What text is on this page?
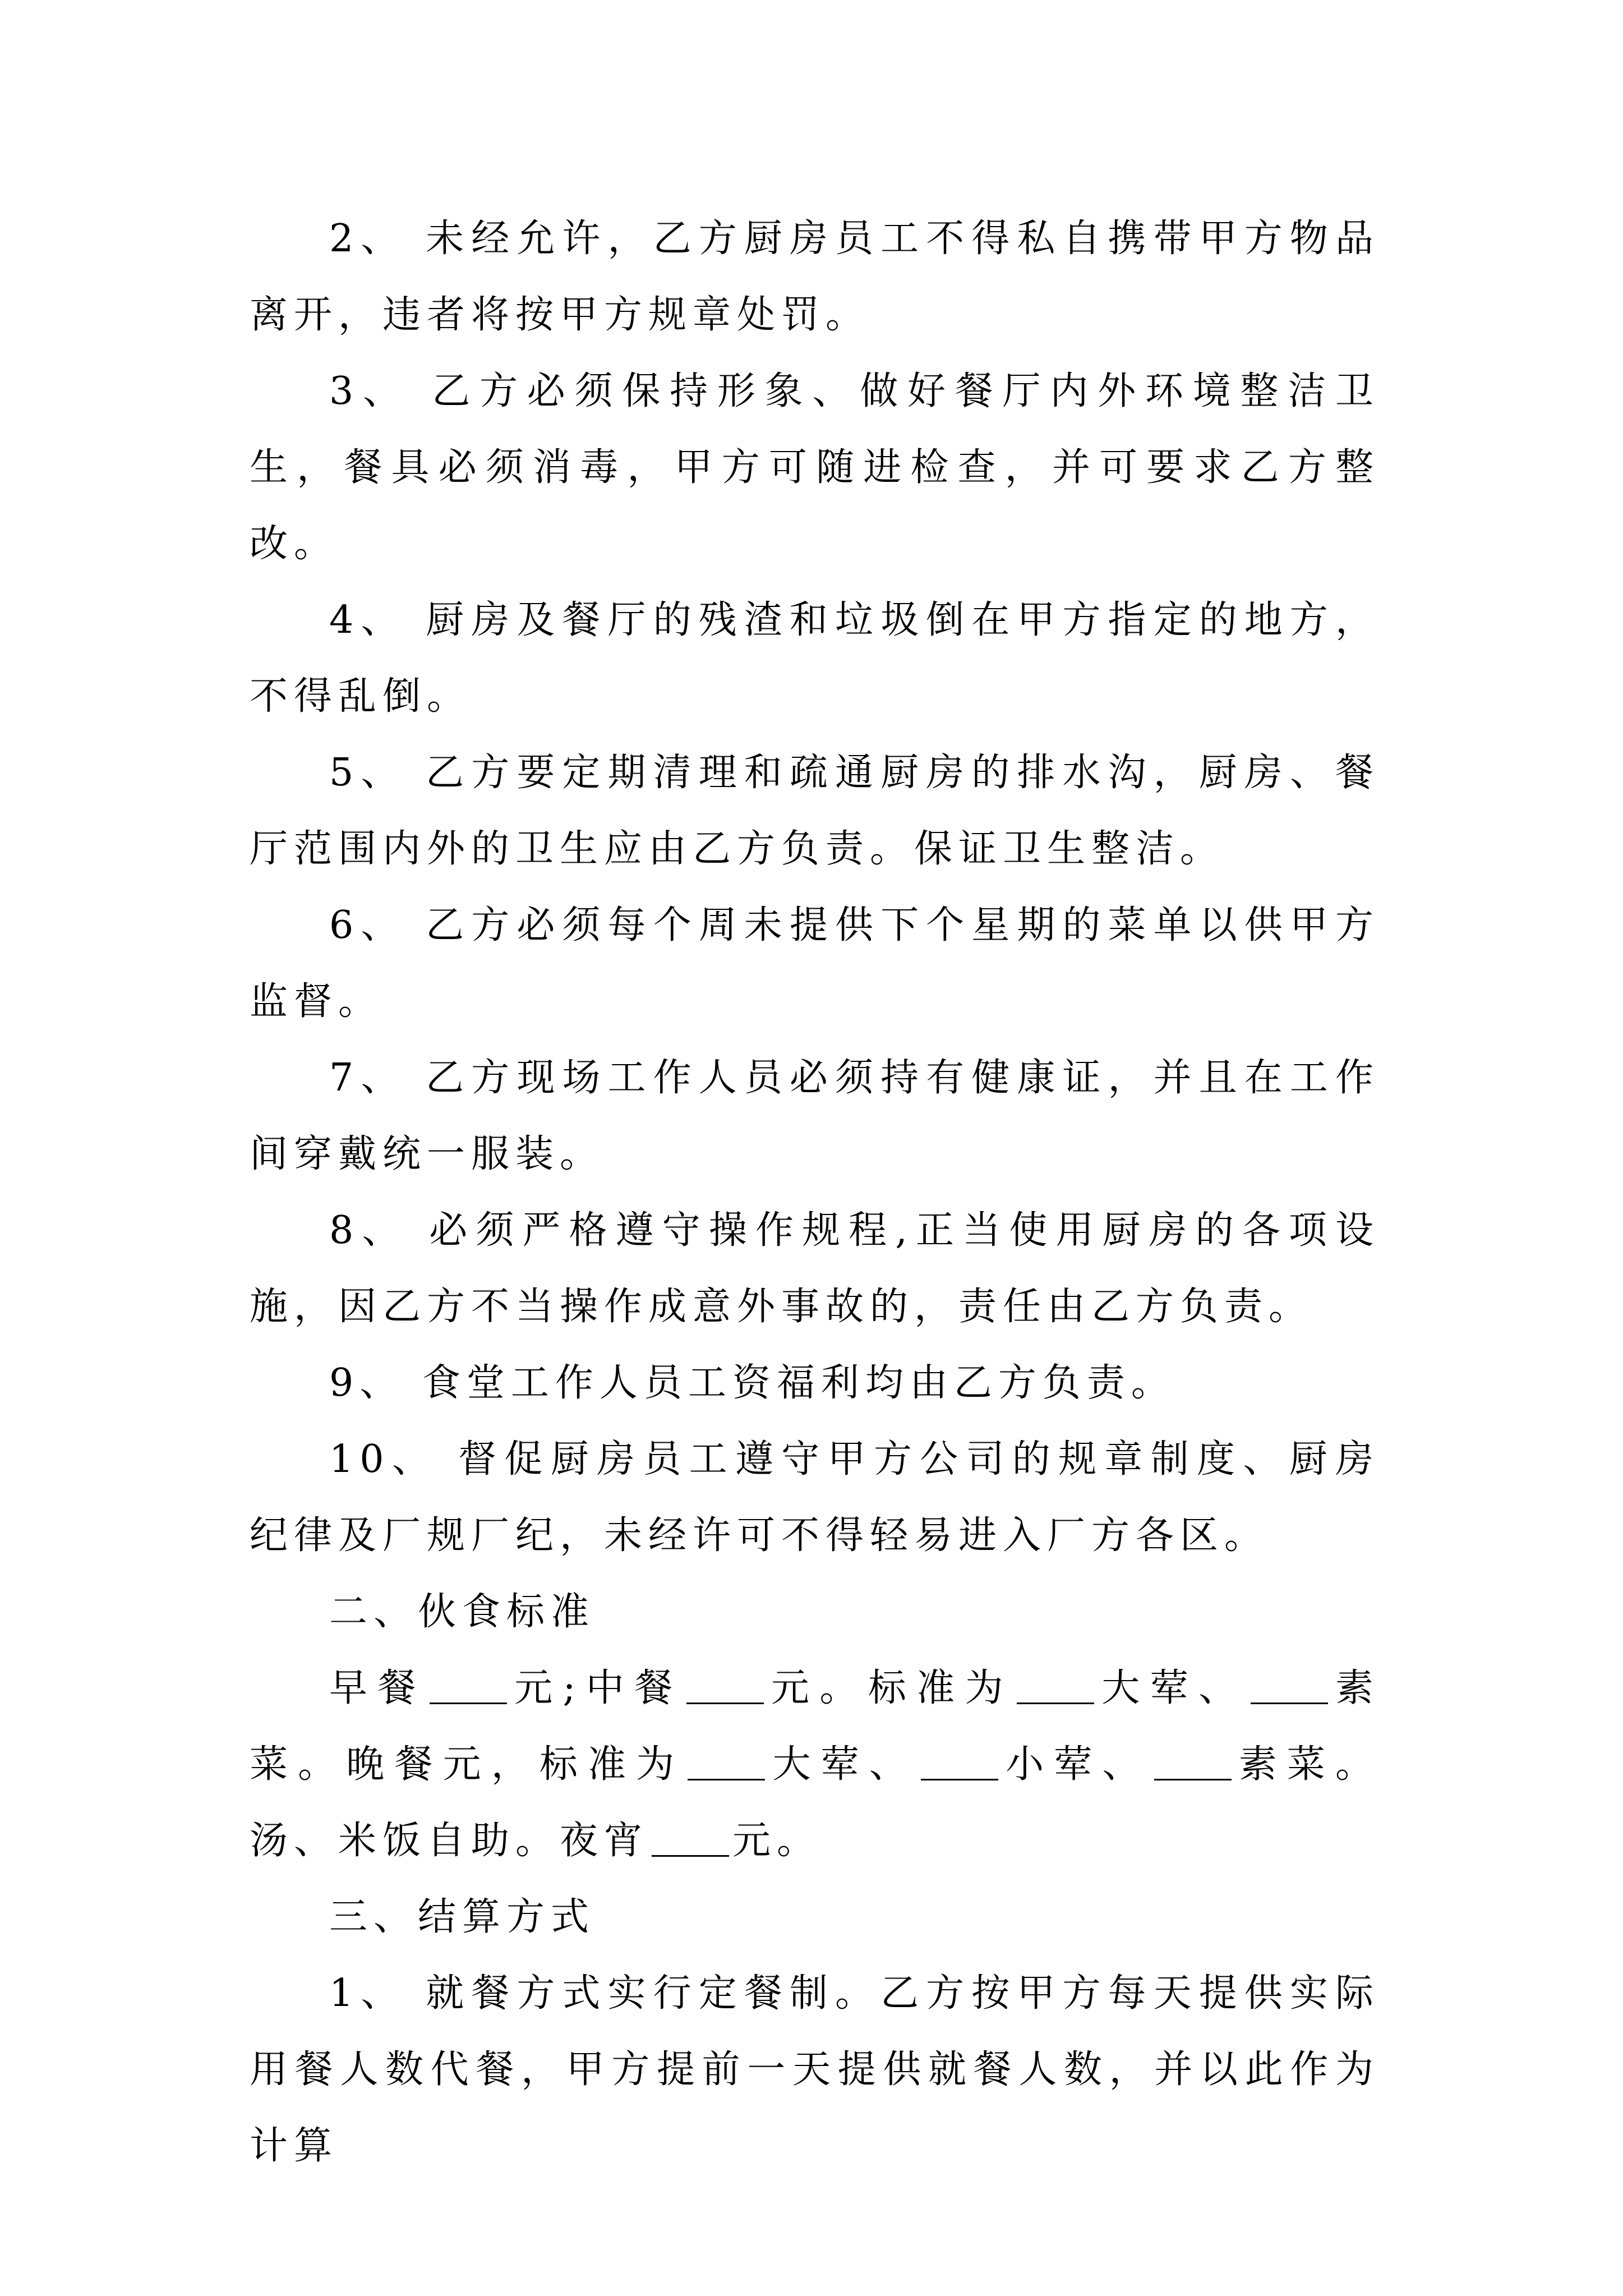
2、 未经允许，乙方厨房员工不得私自携带甲方物品离开，违者将按甲方规章处罚。

3、 乙方必须保持形象、做好餐厅内外环境整洁卫生，餐具必须消毒，甲方可随进检查，并可要求乙方整改。

4、 厨房及餐厅的残渣和垃圾倒在甲方指定的地方，不得乱倒。

5、 乙方要定期清理和疏通厨房的排水沟，厨房、餐厅范围内外的卫生应由乙方负责。保证卫生整洁。

6、 乙方必须每个周未提供下个星期的菜单以供甲方监督。

7、 乙方现场工作人员必须持有健康证，并且在工作间穿戴统一服装。

8、 必须严格遵守操作规程,正当使用厨房的各项设施，因乙方不当操作成意外事故的，责任由乙方负责。

9、 食堂工作人员工资福利均由乙方负责。

10、 督促厨房员工遵守甲方公司的规章制度、厨房纪律及厂规厂纪，未经许可不得轻易进入厂方各区。

二、伙食标准

早餐 元;中餐 元。标准为 大荤、 素菜。晚餐元，标准为 大荤、 小荤、 素菜。汤、米饭自助。夜宵 元。

三、结算方式

1、 就餐方式实行定餐制。乙方按甲方每天提供实际用餐人数代餐，甲方提前一天提供就餐人数，并以此作为计算
